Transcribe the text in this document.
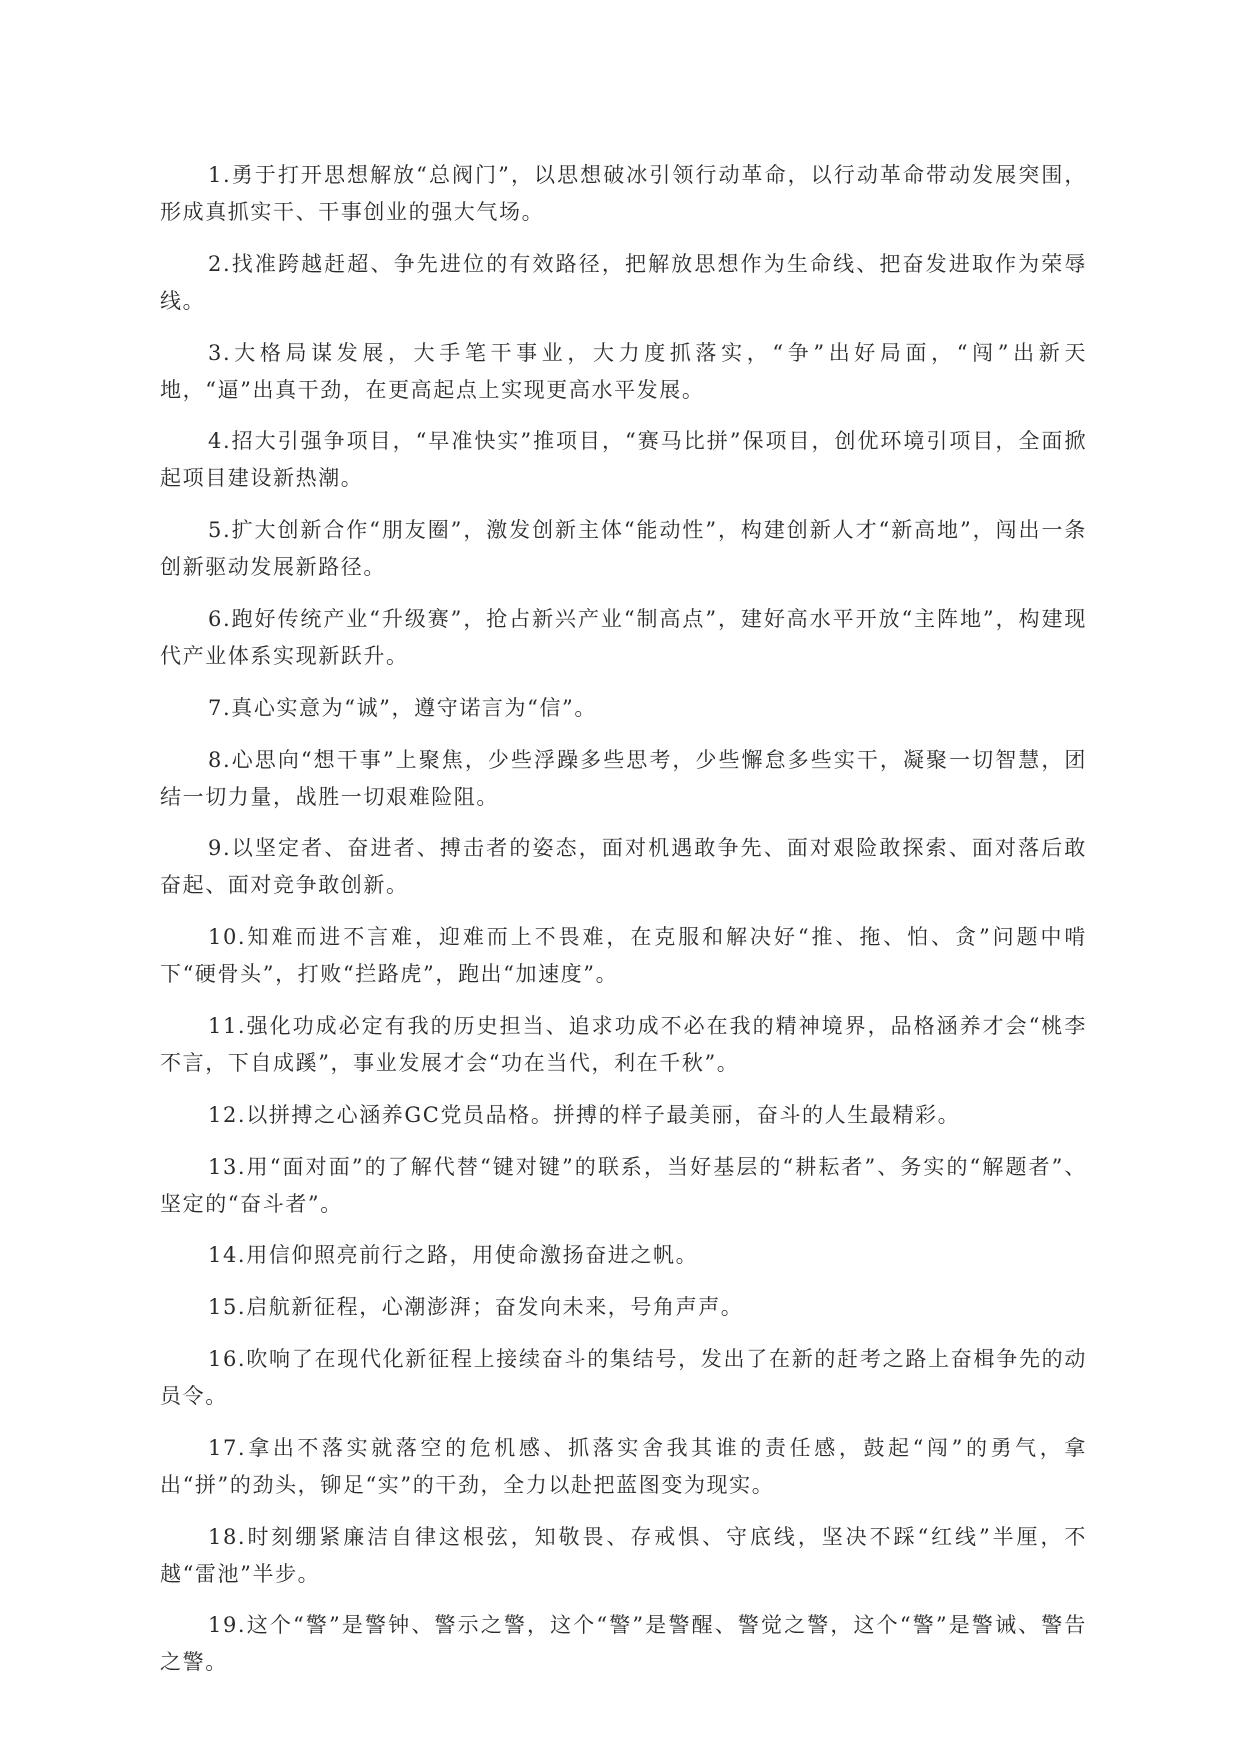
1.勇于打开思想解放“总阀门”，以思想破冰引领行动革命，以行动革命带动发展突围，形成真抓实干、干事创业的强大气场。

2.找准跨越赶超、争先进位的有效路径，把解放思想作为生命线、把奋发进取作为荣辱线。

3.大格局谋发展，大手笔干事业，大力度抓落实，“争”出好局面，“闯”出新天地，“逼”出真干劲，在更高起点上实现更高水平发展。

4.招大引强争项目，“早准快实”推项目，“赛马比拼”保项目，创优环境引项目，全面掀起项目建设新热潮。

5.扩大创新合作“朋友圈”，激发创新主体“能动性”，构建创新人才“新高地”，闯出一条创新驱动发展新路径。

6.跑好传统产业“升级赛”，抢占新兴产业“制高点”，建好高水平开放“主阵地”，构建现代产业体系实现新跃升。

7.真心实意为“诚”，遵守诺言为“信”。

8.心思向“想干事”上聚焦，少些浮躁多些思考，少些懈怠多些实干，凝聚一切智慧，团结一切力量，战胜一切艰难险阻。

9.以坚定者、奋进者、搏击者的姿态，面对机遇敢争先、面对艰险敢探索、面对落后敢奋起、面对竞争敢创新。

10.知难而进不言难，迎难而上不畏难，在克服和解决好“推、拖、怕、贪”问题中啃下“硬骨头”，打败“拦路虎”，跑出“加速度”。

11.强化功成必定有我的历史担当、追求功成不必在我的精神境界，品格涵养才会“桃李不言，下自成蹊”，事业发展才会“功在当代，利在千秋”。

12.以拼搏之心涵养GC党员品格。拼搏的样子最美丽，奋斗的人生最精彩。

13.用“面对面”的了解代替“键对键”的联系，当好基层的“耕耘者”、务实的“解题者”、坚定的“奋斗者”。

14.用信仰照亮前行之路，用使命激扬奋进之帆。

15.启航新征程，心潮澎湃；奋发向未来，号角声声。

16.吹响了在现代化新征程上接续奋斗的集结号，发出了在新的赶考之路上奋楫争先的动员令。

17.拿出不落实就落空的危机感、抓落实舍我其谁的责任感，鼓起“闯”的勇气，拿出“拼”的劲头，铆足“实”的干劲，全力以赴把蓝图变为现实。

18.时刻绷紧廉洁自律这根弦，知敬畏、存戒惧、守底线，坚决不踩“红线”半厘，不越“雷池”半步。

19.这个“警”是警钟、警示之警，这个“警”是警醒、警觉之警，这个“警”是警诫、警告之警。
